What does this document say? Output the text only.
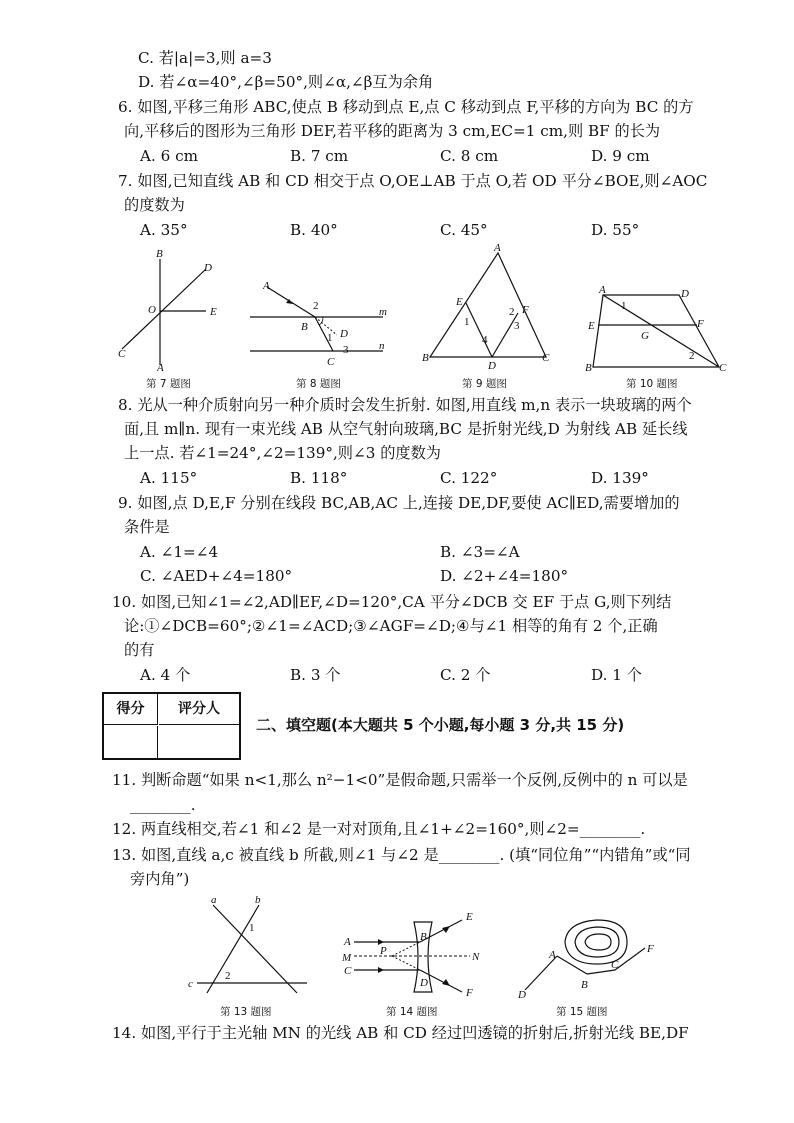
C. 若|a|=3,则 a=3
D. 若∠α=40°,∠β=50°,则∠α,∠β互为余角
6. 如图,平移三角形 ABC,使点 B 移动到点 E,点 C 移动到点 F,平移的方向为 BC 的方
向,平移后的图形为三角形 DEF,若平移的距离为 3 cm,EC=1 cm,则 BF 的长为
A. 6 cm	B. 7 cm	C. 8 cm	D. 9 cm
7. 如图,已知直线 AB 和 CD 相交于点 O,OE⊥AB 于点 O,若 OD 平分∠BOE,则∠AOC
的度数为
A. 35°	B. 40°	C. 45°	D. 55°
B
D
O	E
C
A
第 7 题图
A
2
B
D
1
3
C
m
n
第 8 题图
A
E
1
2 F
3
4
B
D
C
第 9 题图
A
1
D
E	F
G
2
B	C
第 10 题图
8. 光从一种介质射向另一种介质时会发生折射. 如图,用直线 m,n 表示一块玻璃的两个
面,且 m∥n. 现有一束光线 AB 从空气射向玻璃,BC 是折射光线,D 为射线 AB 延长线
上一点. 若∠1=24°,∠2=139°,则∠3 的度数为
A. 115°	B. 118°	C. 122°	D. 139°
9. 如图,点 D,E,F 分别在线段 BC,AB,AC 上,连接 DE,DF,要使 AC∥ED,需要增加的
条件是
A. ∠1=∠4	B. ∠3=∠A
C. ∠AED+∠4=180°	D. ∠2+∠4=180°
10. 如图,已知∠1=∠2,AD∥EF,∠D=120°,CA 平分∠DCB 交 EF 于点 G,则下列结
论:①∠DCB=60°;②∠1=∠ACD;③∠AGF=∠D;④与∠1 相等的角有 2 个,正确
的有
A. 4 个	B. 3 个	C. 2 个	D. 1 个
得分	评分人
二、填空题(本大题共 5 个小题,每小题 3 分,共 15 分)
11. 判断命题“如果 n<1,那么 n²−1<0”是假命题,只需举一个反例,反例中的 n 可以是
________.
12. 两直线相交,若∠1 和∠2 是一对对顶角,且∠1+∠2=160°,则∠2=________.
13. 如图,直线 a,c 被直线 b 所截,则∠1 与∠2 是________. (填“同位角”“内错角”或“同
旁内角”)
a	b
1
2
c
第 13 题图
A
M
C
P
B
D
E
N
F
第 14 题图
D
A
B
C
F
第 15 题图
14. 如图,平行于主光轴 MN 的光线 AB 和 CD 经过凹透镜的折射后,折射光线 BE,DF
